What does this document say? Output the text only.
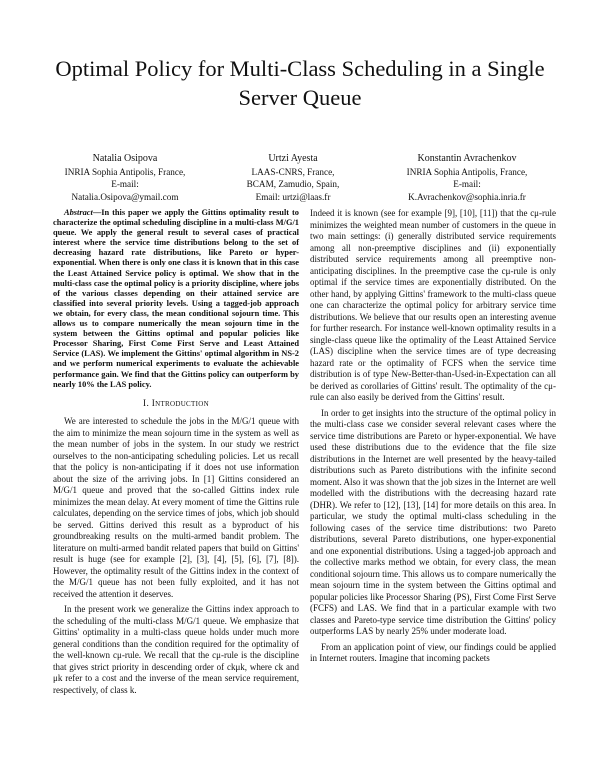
Optimal Policy for Multi-Class Scheduling in a Single Server Queue
Natalia Osipova
INRIA Sophia Antipolis, France,
E-mail:
Natalia.Osipova@ymail.com
Urtzi Ayesta
LAAS-CNRS, France,
BCAM, Zamudio, Spain,
Email: urtzi@laas.fr
Konstantin Avrachenkov
INRIA Sophia Antipolis, France,
E-mail:
K.Avrachenkov@sophia.inria.fr

Abstract—In this paper we apply the Gittins optimality result to characterize the optimal scheduling discipline in a multi-class M/G/1 queue. We apply the general result to several cases of practical interest where the service time distributions belong to the set of decreasing hazard rate distributions, like Pareto or hyper-exponential. When there is only one class it is known that in this case the Least Attained Service policy is optimal. We show that in the multi-class case the optimal policy is a priority discipline, where jobs of the various classes depending on their attained service are classified into several priority levels. Using a tagged-job approach we obtain, for every class, the mean conditional sojourn time. This allows us to compare numerically the mean sojourn time in the system between the Gittins optimal and popular policies like Processor Sharing, First Come First Serve and Least Attained Service (LAS). We implement the Gittins' optimal algorithm in NS-2 and we perform numerical experiments to evaluate the achievable performance gain. We find that the Gittins policy can outperform by nearly 10% the LAS policy.

I. Introduction

We are interested to schedule the jobs in the M/G/1 queue with the aim to minimize the mean sojourn time in the system as well as the mean number of jobs in the system. In our study we restrict ourselves to the non-anticipating scheduling policies. Let us recall that the policy is non-anticipating if it does not use information about the size of the arriving jobs. In [1] Gittins considered an M/G/1 queue and proved that the so-called Gittins index rule minimizes the mean delay. At every moment of time the Gittins rule calculates, depending on the service times of jobs, which job should be served. Gittins derived this result as a byproduct of his groundbreaking results on the multi-armed bandit problem. The literature on multi-armed bandit related papers that build on Gittins' result is huge (see for example [2], [3], [4], [5], [6], [7], [8]). However, the optimality result of the Gittins index in the context of the M/G/1 queue has not been fully exploited, and it has not received the attention it deserves.

In the present work we generalize the Gittins index approach to the scheduling of the multi-class M/G/1 queue. We emphasize that Gittins' optimality in a multi-class queue holds under much more general conditions than the condition required for the optimality of the well-known cμ-rule. We recall that the cμ-rule is the discipline that gives strict priority in descending order of ckμk, where ck and μk refer to a cost and the inverse of the mean service requirement, respectively, of class k.

Indeed it is known (see for example [9], [10], [11]) that the cμ-rule minimizes the weighted mean number of customers in the queue in two main settings: (i) generally distributed service requirements among all non-preemptive disciplines and (ii) exponentially distributed service requirements among all preemptive non-anticipating disciplines. In the preemptive case the cμ-rule is only optimal if the service times are exponentially distributed. On the other hand, by applying Gittins' framework to the multi-class queue one can characterize the optimal policy for arbitrary service time distributions. We believe that our results open an interesting avenue for further research. For instance well-known optimality results in a single-class queue like the optimality of the Least Attained Service (LAS) discipline when the service times are of type decreasing hazard rate or the optimality of FCFS when the service time distribution is of type New-Better-than-Used-in-Expectation can all be derived as corollaries of Gittins' result. The optimality of the cμ-rule can also easily be derived from the Gittins' result.

In order to get insights into the structure of the optimal policy in the multi-class case we consider several relevant cases where the service time distributions are Pareto or hyper-exponential. We have used these distributions due to the evidence that the file size distributions in the Internet are well presented by the heavy-tailed distributions such as Pareto distributions with the infinite second moment. Also it was shown that the job sizes in the Internet are well modelled with the distributions with the decreasing hazard rate (DHR). We refer to [12], [13], [14] for more details on this area. In particular, we study the optimal multi-class scheduling in the following cases of the service time distributions: two Pareto distributions, several Pareto distributions, one hyper-exponential and one exponential distributions. Using a tagged-job approach and the collective marks method we obtain, for every class, the mean conditional sojourn time. This allows us to compare numerically the mean sojourn time in the system between the Gittins optimal and popular policies like Processor Sharing (PS), First Come First Serve (FCFS) and LAS. We find that in a particular example with two classes and Pareto-type service time distribution the Gittins' policy outperforms LAS by nearly 25% under moderate load.

From an application point of view, our findings could be applied in Internet routers. Imagine that incoming packets
